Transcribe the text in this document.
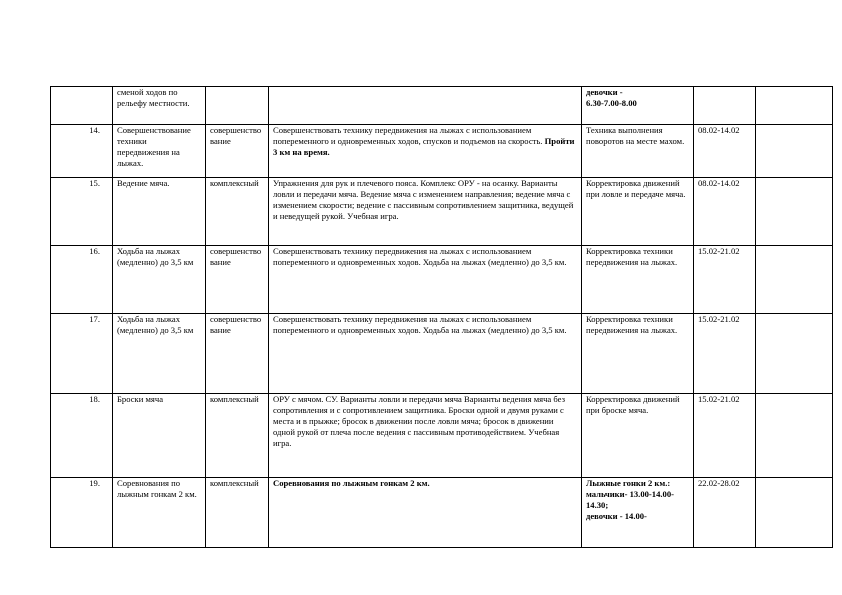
	сменой ходов по рельефу местности.			девочки -
6.30-7.00-8.00		

14.	Совершенствование техники передвижения на лыжах.	совершенствование	Совершенствовать технику передвижения на лыжах с использованием попеременного и одновременных ходов, спусков и подъемов на скорость. Пройти 3 км на время.	Техника выполнения поворотов на месте махом.	08.02-14.02	
15.	Ведение мяча.	комплексный	Упражнения для рук и плечевого пояса. Комплекс ОРУ - на осанку. Варианты ловли и передачи мяча. Ведение мяча с изменением направления; ведение мяча с изменением скорости; ведение с пассивным сопротивлением защитника, ведущей и неведущей рукой. Учебная игра.	Корректировка движений при ловле и передаче мяча.	08.02-14.02	
16.	Ходьба на лыжах (медленно) до 3,5 км	совершенствование	Совершенствовать технику передвижения на лыжах с использованием попеременного и одновременных ходов. Ходьба на лыжах (медленно) до 3,5 км.	Корректировка техники передвижения на лыжах.	15.02-21.02	
17.	Ходьба на лыжах (медленно) до 3,5 км	совершенствование	Совершенствовать технику передвижения на лыжах с использованием попеременного и одновременных ходов. Ходьба на лыжах (медленно) до 3,5 км.	Корректировка техники передвижения на лыжах.	15.02-21.02	
18.	Броски мяча	комплексный	ОРУ с мячом. СУ. Варианты ловли и передачи мяча Варианты ведения мяча без сопротивления и с сопротивлением защитника. Броски одной и двумя руками с места и в прыжке; бросок в движении после ловли мяча; бросок в движении одной рукой от плеча после ведения с пассивным противодействием. Учебная игра.	Корректировка движений при броске мяча.	15.02-21.02	
19.	Соревнования по лыжным гонкам 2 км.	комплексный	Соревнования по лыжным гонкам 2 км.	Лыжные гонки 2 км.:
мальчики- 13.00-14.00-14.30;
девочки - 14.00-	22.02-28.02	
